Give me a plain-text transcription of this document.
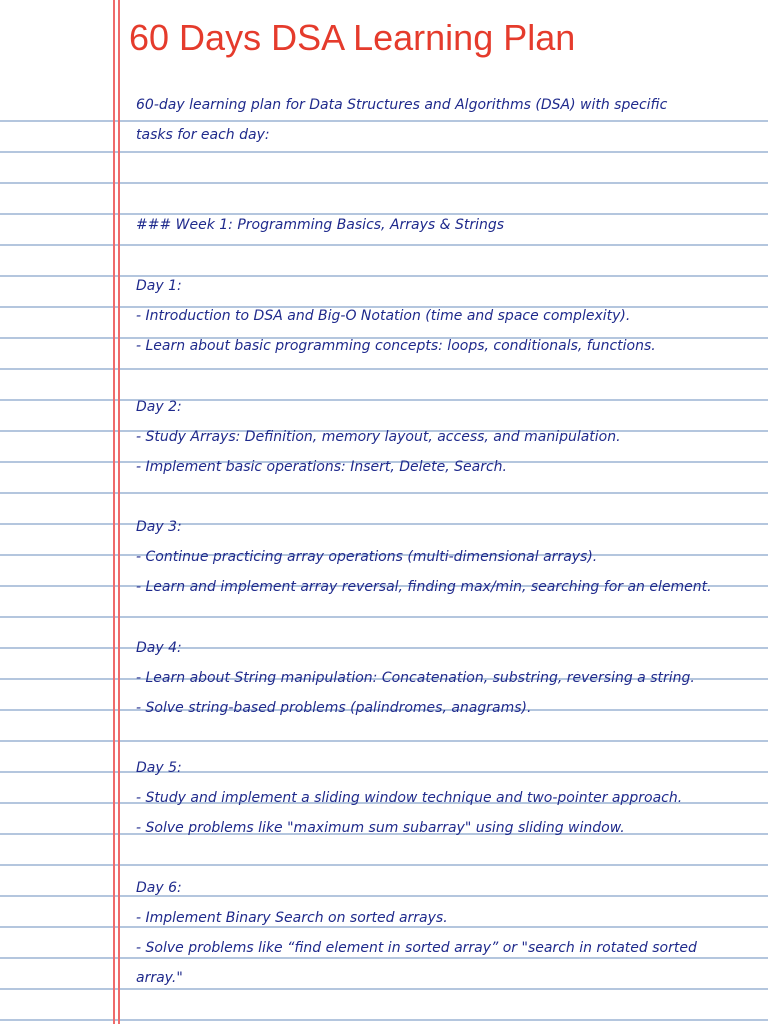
60 Days DSA Learning Plan
60-day learning plan for Data Structures and Algorithms (DSA) with specific
tasks for each day:
### Week 1: Programming Basics, Arrays & Strings
Day 1:
- Introduction to DSA and Big-O Notation (time and space complexity).
- Learn about basic programming concepts: loops, conditionals, functions.
Day 2:
- Study Arrays: Definition, memory layout, access, and manipulation.
- Implement basic operations: Insert, Delete, Search.
Day 3:
- Continue practicing array operations (multi-dimensional arrays).
- Learn and implement array reversal, finding max/min, searching for an element.
Day 4:
- Learn about String manipulation: Concatenation, substring, reversing a string.
- Solve string-based problems (palindromes, anagrams).
Day 5:
- Study and implement a sliding window technique and two-pointer approach.
- Solve problems like "maximum sum subarray" using sliding window.
Day 6:
- Implement Binary Search on sorted arrays.
- Solve problems like “find element in sorted array” or "search in rotated sorted
array."
